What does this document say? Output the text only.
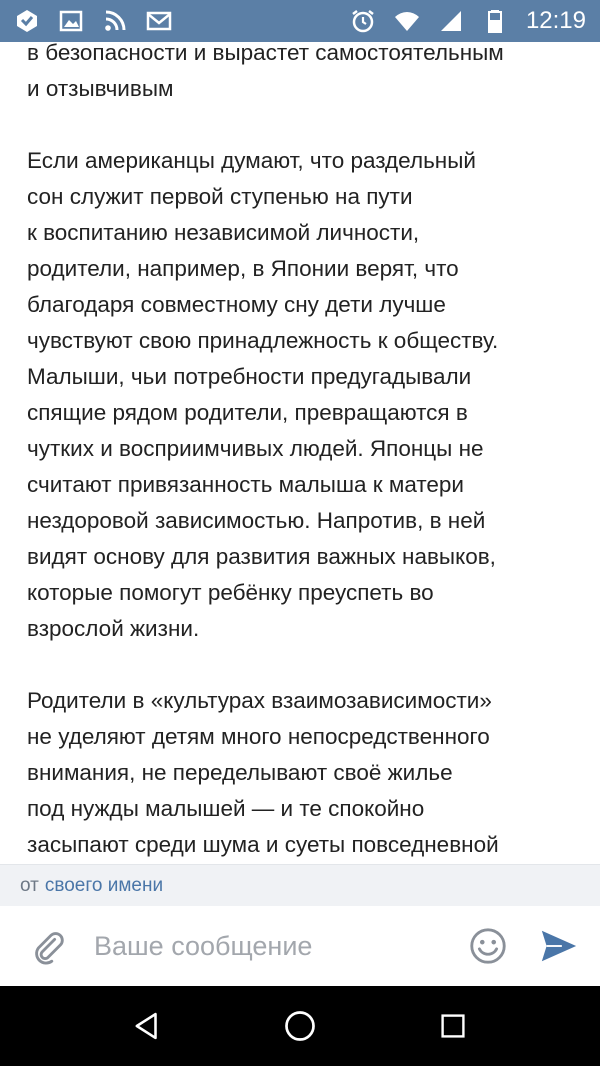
12:19

в безопасности и вырастет самостоятельным
и отзывчивым

Если американцы думают, что раздельный
сон служит первой ступенью на пути
к воспитанию независимой личности,
родители, например, в Японии верят, что
благодаря совместному сну дети лучше
чувствуют свою принадлежность к обществу.
Малыши, чьи потребности предугадывали
спящие рядом родители, превращаются в
чутких и восприимчивых людей. Японцы не
считают привязанность малыша к матери
нездоровой зависимостью. Напротив, в ней
видят основу для развития важных навыков,
которые помогут ребёнку преуспеть во
взрослой жизни.

Родители в «культурах взаимозависимости»
не уделяют детям много непосредственного
внимания, не переделывают своё жилье
под нужды малышей — и те спокойно
засыпают среди шума и суеты повседневной

от своего имени
Ваше сообщение
